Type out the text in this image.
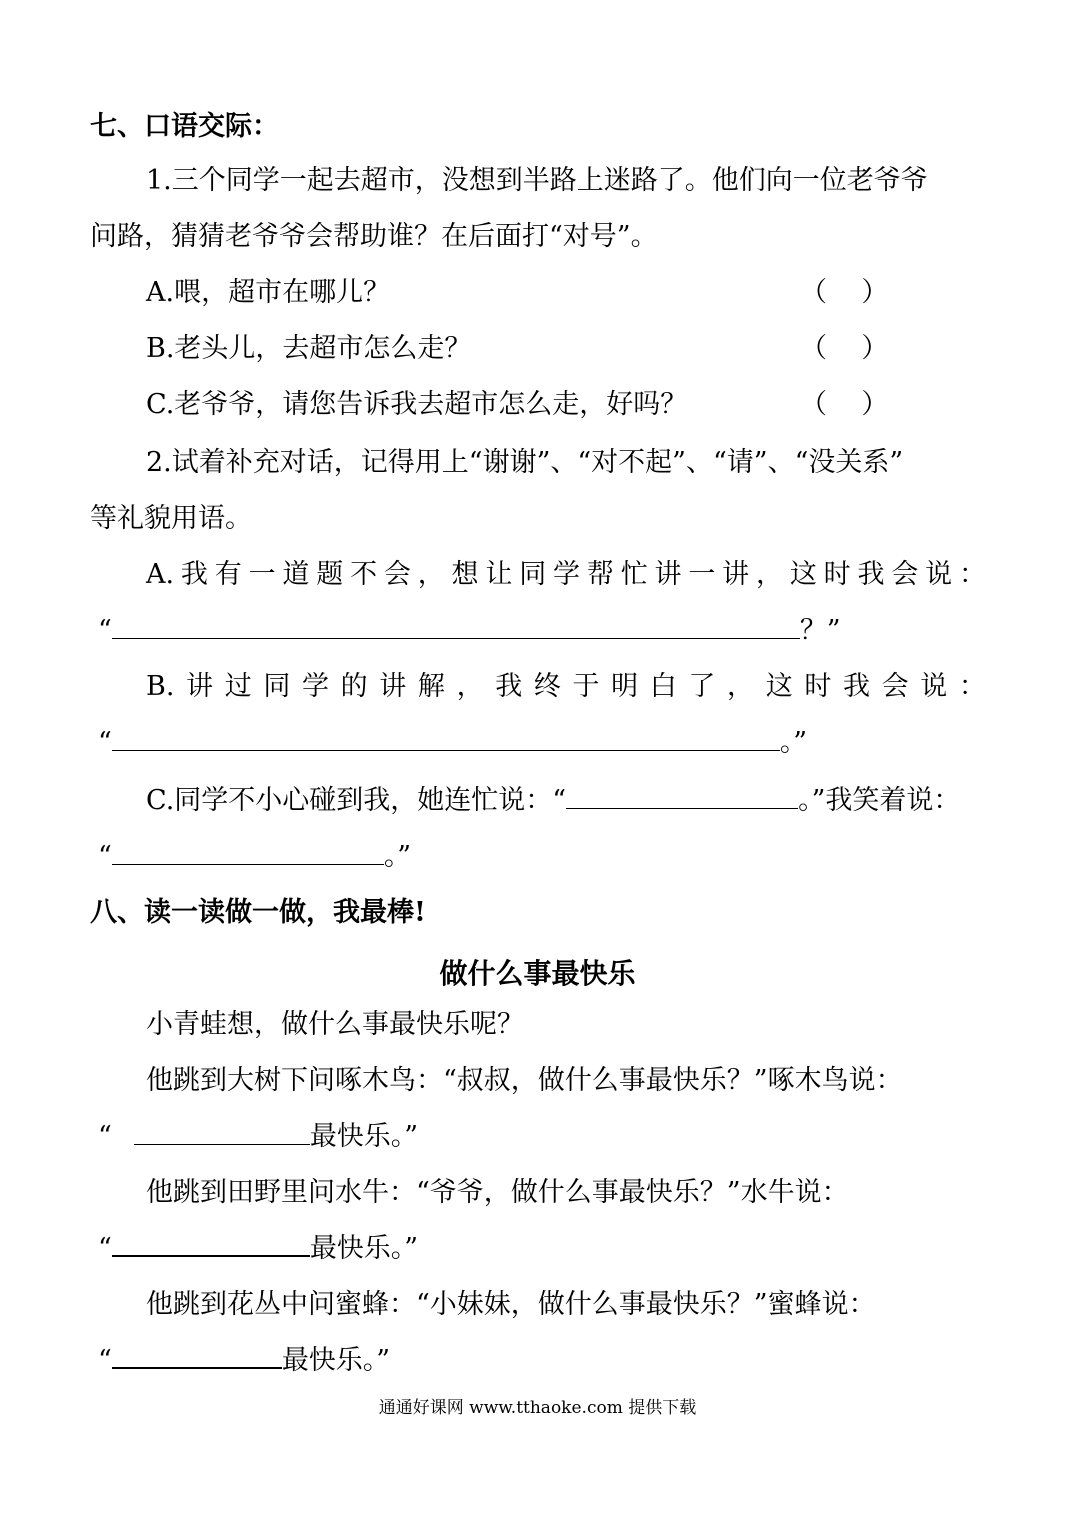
七、口语交际：
1.三个同学一起去超市，没想到半路上迷路了。他们向一位老爷爷
问路，猜猜老爷爷会帮助谁？在后面打“对号”。
A.喂，超市在哪儿？	（    ）
B.老头儿，去超市怎么走？	（    ）
C.老爷爷，请您告诉我去超市怎么走，好吗？	（    ）
2.试着补充对话，记得用上“谢谢”、“对不起”、“请”、“没关系”
等礼貌用语。
A. 我 有 一 道 题 不 会 ， 想 让 同 学 帮 忙 讲 一 讲 ， 这 时 我 会 说 ：
“	？”
B. 讲 过 同 学 的 讲 解 ， 我 终 于 明 白 了 ， 这 时 我 会 说 ：
“	。”
C.同学不小心碰到我，她连忙说：“	。”我笑着说：
“	。”
八、读一读做一做，我最棒!
做什么事最快乐
小青蛙想，做什么事最快乐呢？
他跳到大树下问啄木鸟：“叔叔，做什么事最快乐？”啄木鸟说：
“	最快乐。”
他跳到田野里问水牛：“爷爷，做什么事最快乐？”水牛说：
“	最快乐。”
他跳到花丛中问蜜蜂：“小妹妹，做什么事最快乐？”蜜蜂说：
“	最快乐。”
通通好课网 www.tthaoke.com 提供下载
